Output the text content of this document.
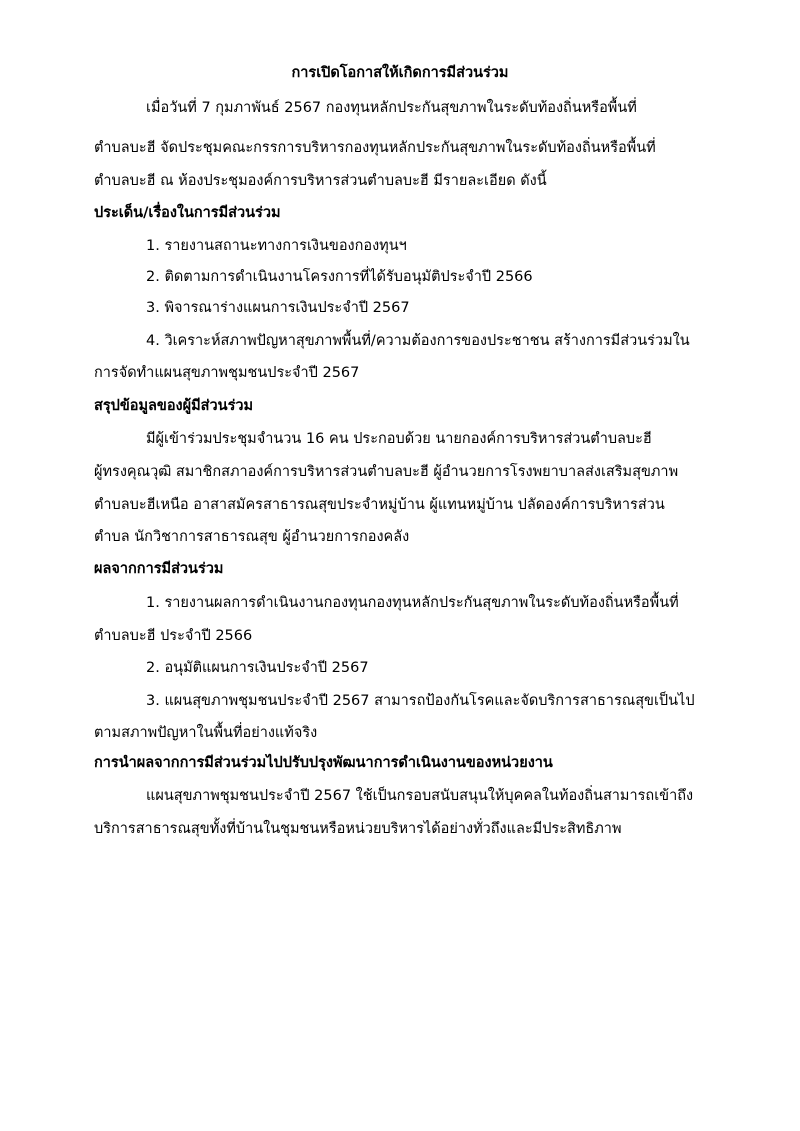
การเปิดโอกาสให้เกิดการมีส่วนร่วม
เมื่อวันที่ 7 กุมภาพันธ์ 2567 กองทุนหลักประกันสุขภาพในระดับท้องถิ่นหรือพื้นที่
ตำบลบะฮี จัดประชุมคณะกรรการบริหารกองทุนหลักประกันสุขภาพในระดับท้องถิ่นหรือพื้นที่
ตำบลบะฮี ณ ห้องประชุมองค์การบริหารส่วนตำบลบะฮี มีรายละเอียด ดังนี้
ประเด็น/เรื่องในการมีส่วนร่วม
1. รายงานสถานะทางการเงินของกองทุนฯ
2. ติดตามการดำเนินงานโครงการที่ได้รับอนุมัติประจำปี 2566
3. พิจารณาร่างแผนการเงินประจำปี 2567
4. วิเคราะห์สภาพปัญหาสุขภาพพื้นที่/ความต้องการของประชาชน สร้างการมีส่วนร่วมใน
การจัดทำแผนสุขภาพชุมชนประจำปี 2567
สรุปข้อมูลของผู้มีส่วนร่วม
มีผู้เข้าร่วมประชุมจำนวน 16 คน ประกอบด้วย นายกองค์การบริหารส่วนตำบลบะฮี
ผู้ทรงคุณวุฒิ สมาชิกสภาองค์การบริหารส่วนตำบลบะฮี ผู้อำนวยการโรงพยาบาลส่งเสริมสุขภาพ
ตำบลบะฮีเหนือ อาสาสมัครสาธารณสุขประจำหมู่บ้าน ผู้แทนหมู่บ้าน ปลัดองค์การบริหารส่วน
ตำบล นักวิชาการสาธารณสุข ผู้อำนวยการกองคลัง
ผลจากการมีส่วนร่วม
1. รายงานผลการดำเนินงานกองทุนกองทุนหลักประกันสุขภาพในระดับท้องถิ่นหรือพื้นที่
ตำบลบะฮี ประจำปี 2566
2. อนุมัติแผนการเงินประจำปี 2567
3. แผนสุขภาพชุมชนประจำปี 2567 สามารถป้องกันโรคและจัดบริการสาธารณสุขเป็นไป
ตามสภาพปัญหาในพื้นที่อย่างแท้จริง
การนำผลจากการมีส่วนร่วมไปปรับปรุงพัฒนาการดำเนินงานของหน่วยงาน
แผนสุขภาพชุมชนประจำปี 2567 ใช้เป็นกรอบสนับสนุนให้บุคคลในท้องถิ่นสามารถเข้าถึง
บริการสาธารณสุขทั้งที่บ้านในชุมชนหรือหน่วยบริหารได้อย่างทั่วถึงและมีประสิทธิภาพ
